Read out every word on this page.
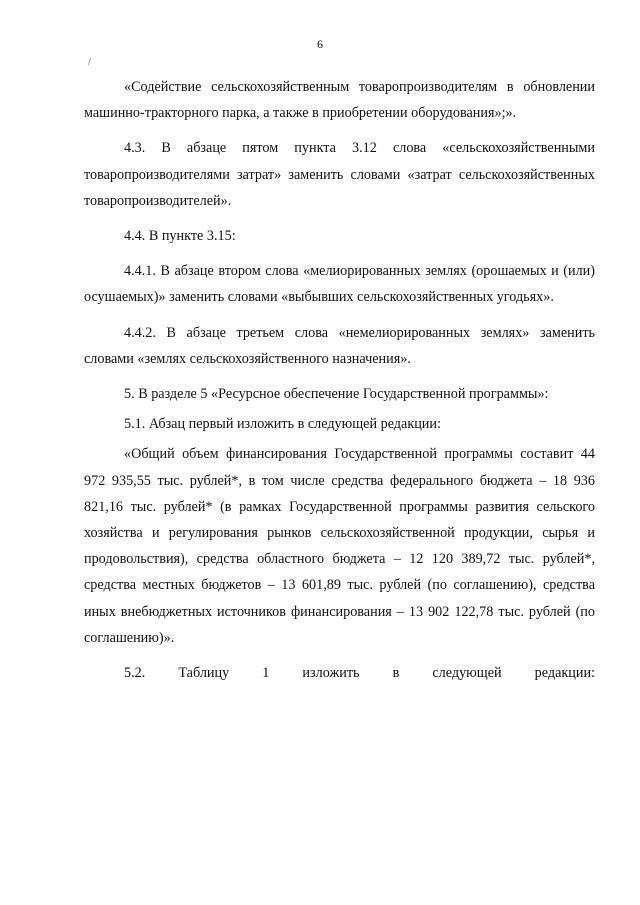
6
/

«Содействие сельскохозяйственным товаропроизводителям в обновлении машинно-тракторного парка, а также в приобретении оборудования»;».

4.3. В абзаце пятом пункта 3.12 слова «сельскохозяйственными товаропроизводителями затрат» заменить словами «затрат сельскохозяйственных товаропроизводителей».

4.4. В пункте 3.15:

4.4.1. В абзаце втором слова «мелиорированных землях (орошаемых и (или) осушаемых)» заменить словами «выбывших сельскохозяйственных угодьях».

4.4.2. В абзаце третьем слова «немелиорированных землях» заменить словами «землях сельскохозяйственного назначения».

5. В разделе 5 «Ресурсное обеспечение Государственной программы»:

5.1. Абзац первый изложить в следующей редакции:

«Общий объем финансирования Государственной программы составит 44 972 935,55 тыс. рублей*, в том числе средства федерального бюджета – 18 936 821,16 тыс. рублей* (в рамках Государственной программы развития сельского хозяйства и регулирования рынков сельскохозяйственной продукции, сырья и продовольствия), средства областного бюджета – 12 120 389,72 тыс. рублей*, средства местных бюджетов – 13 601,89 тыс. рублей (по соглашению), средства иных внебюджетных источников финансирования – 13 902 122,78 тыс. рублей (по соглашению)».

5.2. Таблицу 1 изложить в следующей редакции:
